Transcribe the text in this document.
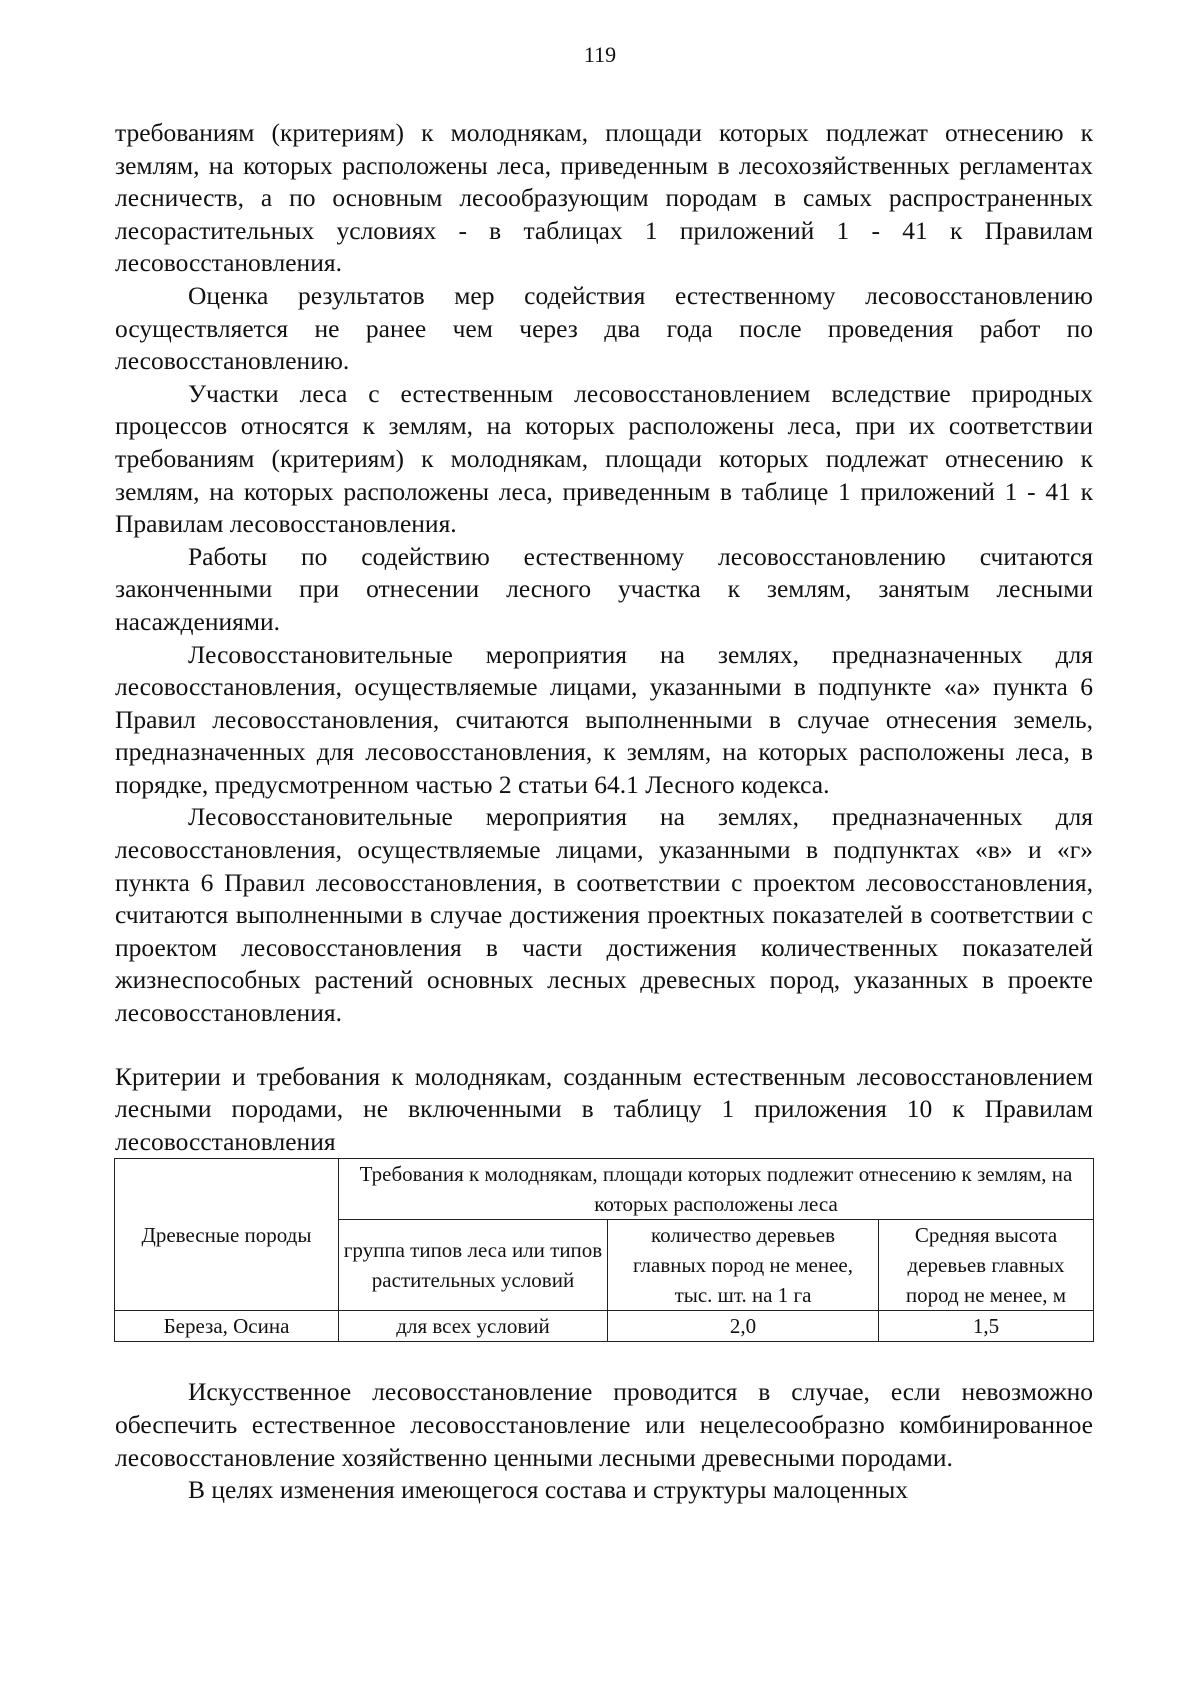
119

требованиям (критериям) к молоднякам, площади которых подлежат отнесению к землям, на которых расположены леса, приведенным в лесохозяйственных регламентах лесничеств, а по основным лесообразующим породам в самых распространенных лесорастительных условиях - в таблицах 1 приложений 1 - 41 к Правилам лесовосстановления.

Оценка результатов мер содействия естественному лесовосстановлению осуществляется не ранее чем через два года после проведения работ по лесовосстановлению.

Участки леса с естественным лесовосстановлением вследствие природных процессов относятся к землям, на которых расположены леса, при их соответствии требованиям (критериям) к молоднякам, площади которых подлежат отнесению к землям, на которых расположены леса, приведенным в таблице 1 приложений 1 - 41 к Правилам лесовосстановления.

Работы по содействию естественному лесовосстановлению считаются законченными при отнесении лесного участка к землям, занятым лесными насаждениями.

Лесовосстановительные мероприятия на землях, предназначенных для лесовосстановления, осуществляемые лицами, указанными в подпункте «а» пункта 6 Правил лесовосстановления, считаются выполненными в случае отнесения земель, предназначенных для лесовосстановления, к землям, на которых расположены леса, в порядке, предусмотренном частью 2 статьи 64.1 Лесного кодекса.

Лесовосстановительные мероприятия на землях, предназначенных для лесовосстановления, осуществляемые лицами, указанными в подпунктах «в» и «г» пункта 6 Правил лесовосстановления, в соответствии с проектом лесовосстановления, считаются выполненными в случае достижения проектных показателей в соответствии с проектом лесовосстановления в части достижения количественных показателей жизнеспособных растений основных лесных древесных пород, указанных в проекте лесовосстановления.

Критерии и требования к молоднякам, созданным естественным лесовосстановлением лесными породами, не включенными в таблицу 1 приложения 10 к Правилам лесовосстановления

Древесные породы	Требования к молоднякам, площади которых подлежит отнесению к землям, на которых расположены леса		
	группа типов леса или типов растительных условий	количество деревьев главных пород не менее, тыс. шт. на 1 га	Средняя высота деревьев главных пород не менее, м
Береза, Осина	для всех условий	2,0	1,5

Искусственное лесовосстановление проводится в случае, если невозможно обеспечить естественное лесовосстановление или нецелесообразно комбинированное лесовосстановление хозяйственно ценными лесными древесными породами.

В целях изменения имеющегося состава и структуры малоценных
